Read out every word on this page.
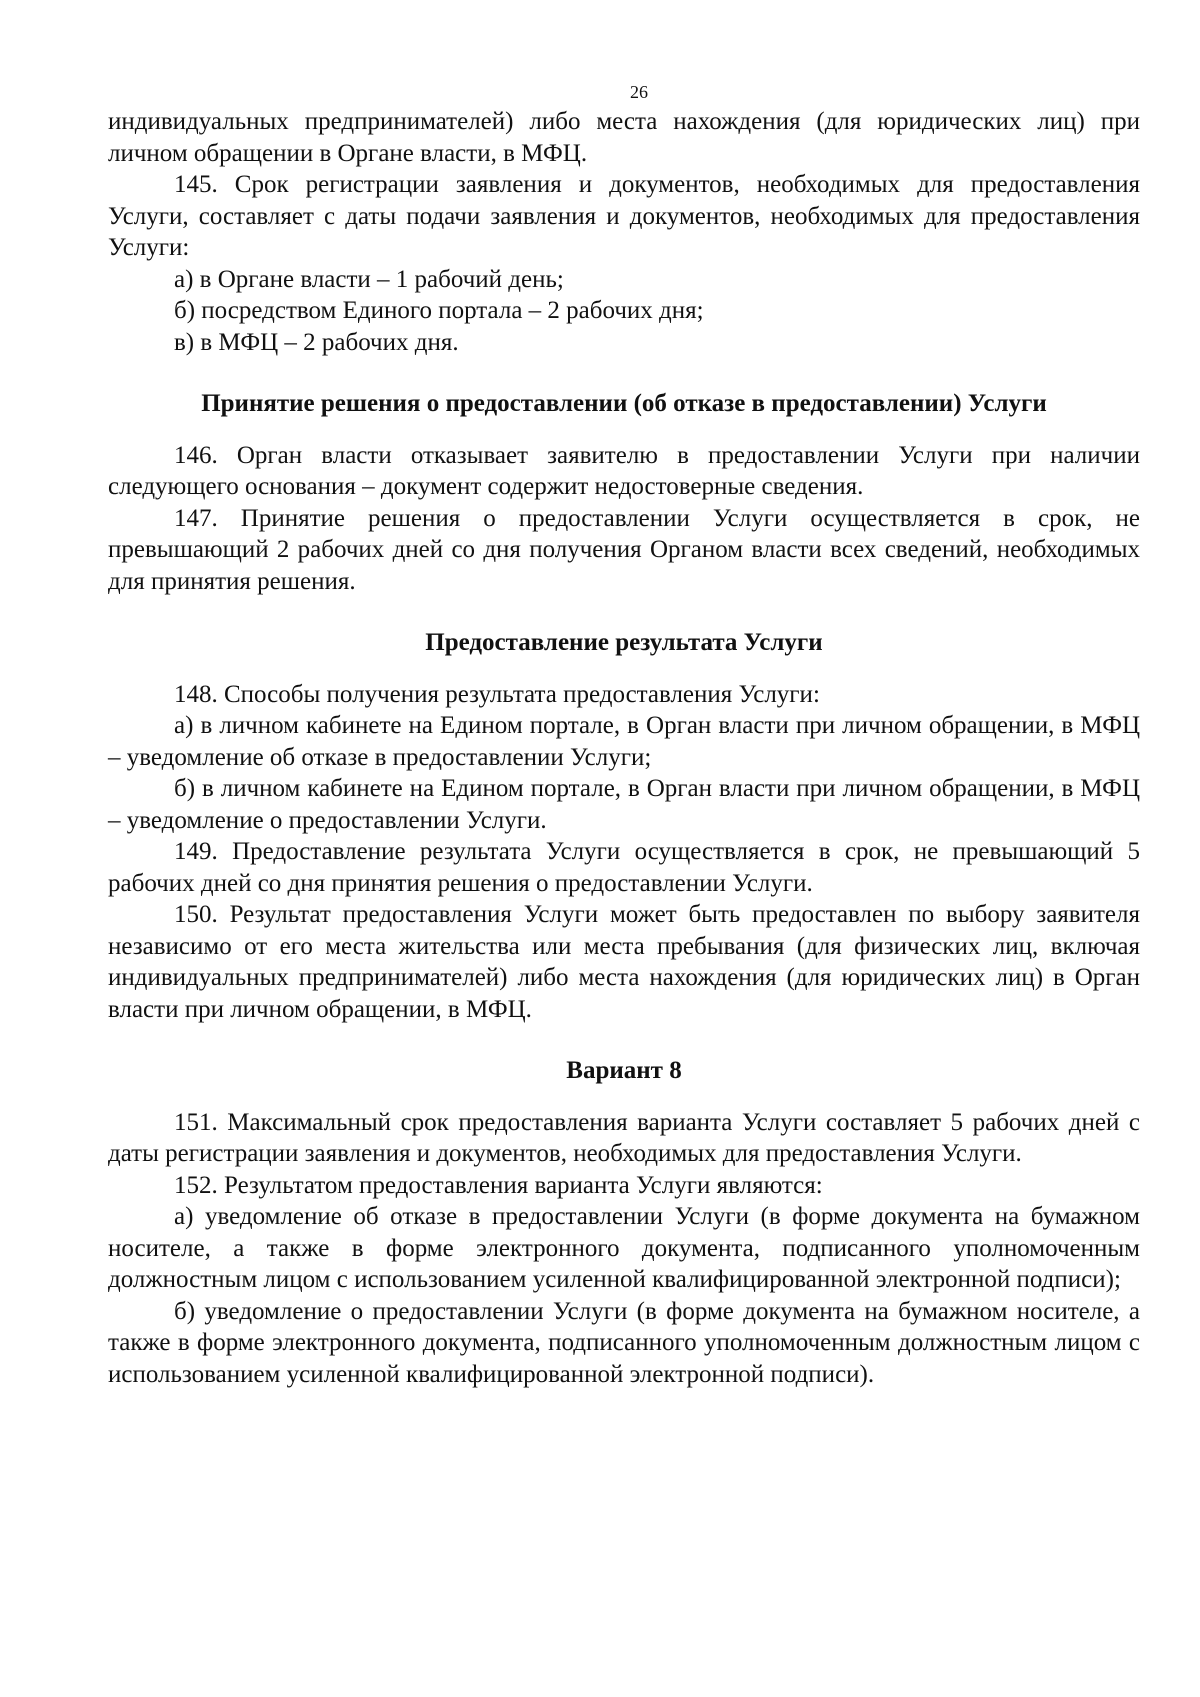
26

индивидуальных предпринимателей) либо места нахождения (для юридических лиц) при личном обращении в Органе власти, в МФЦ.

145. Срок регистрации заявления и документов, необходимых для предоставления Услуги, составляет с даты подачи заявления и документов, необходимых для предоставления Услуги:

а) в Органе власти – 1 рабочий день;

б) посредством Единого портала – 2 рабочих дня;

в) в МФЦ – 2 рабочих дня.

Принятие решения о предоставлении (об отказе в предоставлении) Услуги

146. Орган власти отказывает заявителю в предоставлении Услуги при наличии следующего основания – документ содержит недостоверные сведения.

147. Принятие решения о предоставлении Услуги осуществляется в срок, не превышающий 2 рабочих дней со дня получения Органом власти всех сведений, необходимых для принятия решения.

Предоставление результата Услуги

148. Способы получения результата предоставления Услуги:

а) в личном кабинете на Едином портале, в Орган власти при личном обращении, в МФЦ – уведомление об отказе в предоставлении Услуги;

б) в личном кабинете на Едином портале, в Орган власти при личном обращении, в МФЦ – уведомление о предоставлении Услуги.

149. Предоставление результата Услуги осуществляется в срок, не превышающий 5 рабочих дней со дня принятия решения о предоставлении Услуги.

150. Результат предоставления Услуги может быть предоставлен по выбору заявителя независимо от его места жительства или места пребывания (для физических лиц, включая индивидуальных предпринимателей) либо места нахождения (для юридических лиц) в Орган власти при личном обращении, в МФЦ.

Вариант 8

151. Максимальный срок предоставления варианта Услуги составляет 5 рабочих дней с даты регистрации заявления и документов, необходимых для предоставления Услуги.

152. Результатом предоставления варианта Услуги являются:

а) уведомление об отказе в предоставлении Услуги (в форме документа на бумажном носителе, а также в форме электронного документа, подписанного уполномоченным должностным лицом с использованием усиленной квалифицированной электронной подписи);

б) уведомление о предоставлении Услуги (в форме документа на бумажном носителе, а также в форме электронного документа, подписанного уполномоченным должностным лицом с использованием усиленной квалифицированной электронной подписи).
